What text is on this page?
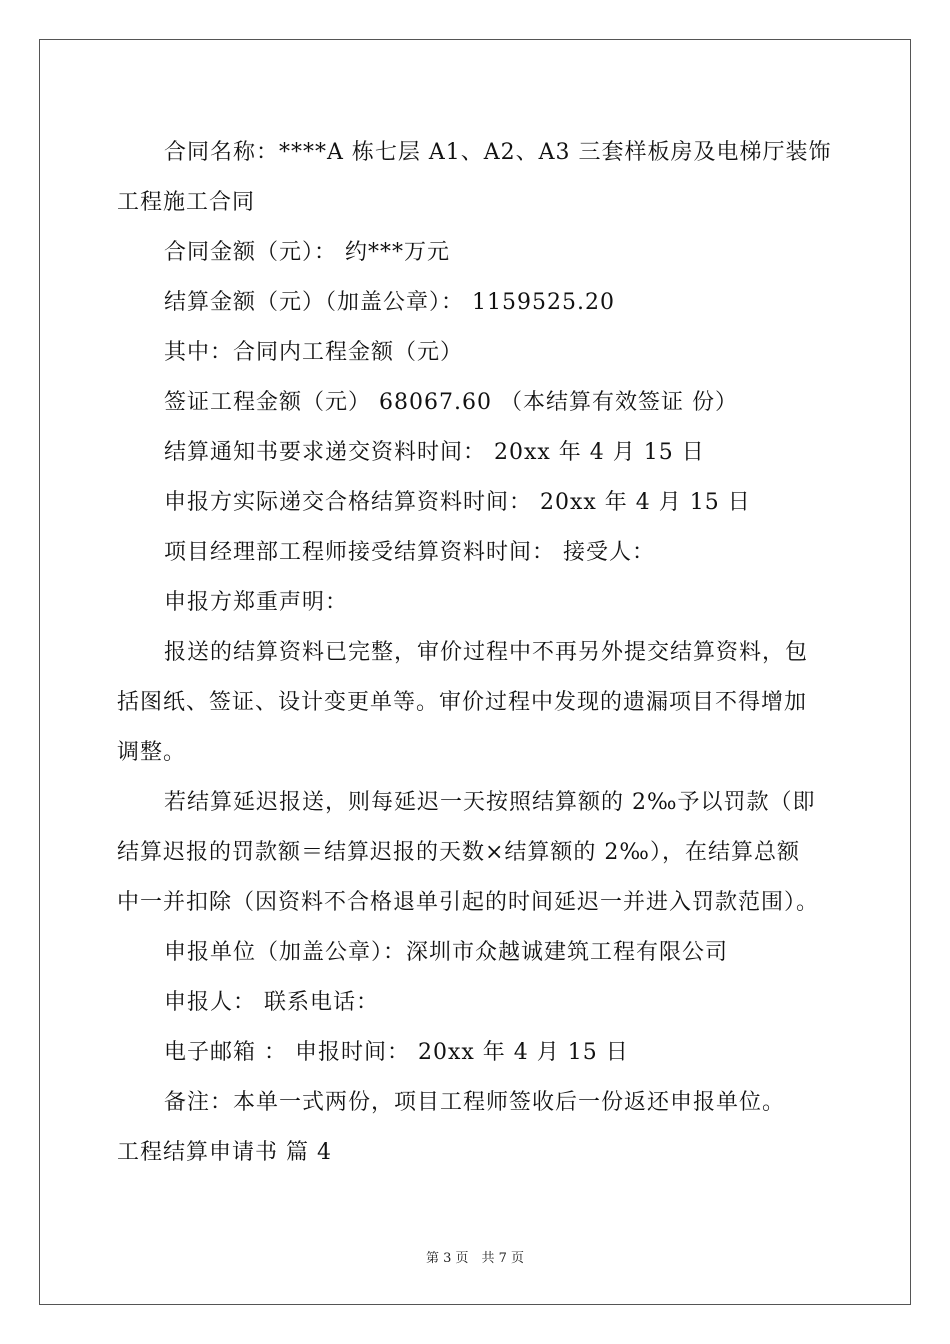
合同名称：****A 栋七层 A1、A2、A3 三套样板房及电梯厅装饰
工程施工合同
合同金额（元）： 约***万元
结算金额（元）（加盖公章）： 1159525.20
其中：合同内工程金额（元）
签证工程金额（元） 68067.60 （本结算有效签证 份）
结算通知书要求递交资料时间： 20xx 年 4 月 15 日
申报方实际递交合格结算资料时间： 20xx 年 4 月 15 日
项目经理部工程师接受结算资料时间： 接受人：
申报方郑重声明：
报送的结算资料已完整，审价过程中不再另外提交结算资料，包
括图纸、签证、设计变更单等。审价过程中发现的遗漏项目不得增加
调整。
若结算延迟报送，则每延迟一天按照结算额的 2‰予以罚款（即
结算迟报的罚款额＝结算迟报的天数×结算额的 2‰），在结算总额
中一并扣除（因资料不合格退单引起的时间延迟一并进入罚款范围）。
申报单位（加盖公章）：深圳市众越诚建筑工程有限公司
申报人： 联系电话：
电子邮箱 ： 申报时间： 20xx 年 4 月 15 日
备注：本单一式两份，项目工程师签收后一份返还申报单位。
工程结算申请书 篇 4
第 3 页　共 7 页
